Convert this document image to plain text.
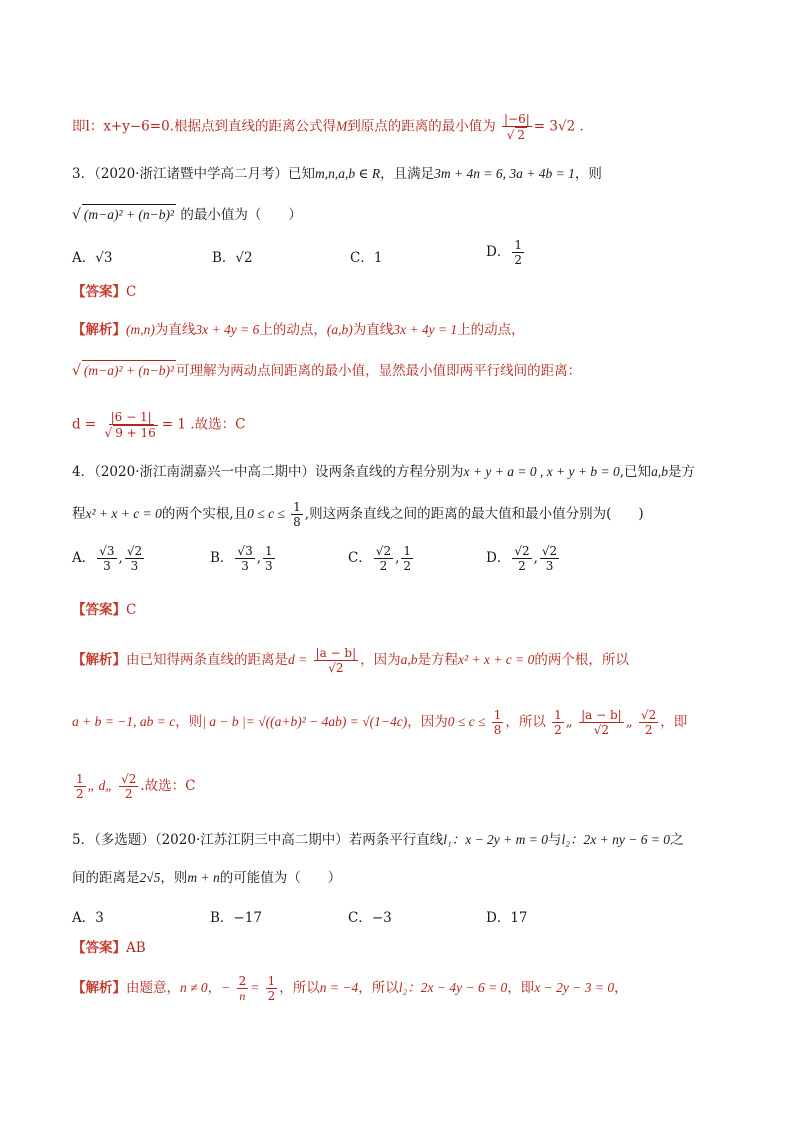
即l：x+y−6=0.根据点到直线的距离公式得M到原点的距离的最小值为 $\frac{|-6|}{√ 2} = 3√2$ .
3．（2020·浙江诸暨中学高二月考）已知m,n,a,b ∈ R，且满足3m + 4n = 6, 3a + 4b = 1，则
√ (m−a)² + (n−b)² 的最小值为（　　）
A．√3	B．√2	C．1	D． $\frac{1}{2}$
【答案】C
【解析】(m,n)为直线3x + 4y = 6上的动点，(a,b)为直线3x + 4y = 1上的动点，
√ (m−a)² + (n−b)² 可理解为两动点间距离的最小值，显然最小值即两平行线间的距离：
$d = \frac{|6 - 1|}{√ 9 + 16} = 1$ .故选：C
4．（2020·浙江南湖嘉兴一中高二期中）设两条直线的方程分别为x + y + a = 0 , x + y + b = 0,已知a,b是方
程x² + x + c = 0的两个实根,且$0 \le c \le \frac{1}{8}$ ,则这两条直线之间的距离的最大值和最小值分别为(　　)
A． $\frac{√3}{3}$ , $\frac{√2}{3}$	B． $\frac{√3}{3}$ , $\frac{1}{3}$	C． $\frac{√2}{2}$ , $\frac{1}{2}$	D． $\frac{√2}{2}$ , $\frac{√2}{3}$
【答案】C
【解析】由已知得两条直线的距离是$d = \frac{|a - b|}{√2}$ ，因为a,b是方程x² + x + c = 0的两个根，所以
a + b = −1, ab = c，则| a − b |= √((a+b)² − 4ab) = √(1−4c)，因为$0 \le c \le \frac{1}{8}$ ，所以 $\frac{1}{2}$ „ $\frac{|a - b|}{√2}$ „ $\frac{√2}{2}$ ，即
$\frac{1}{2}$ „ d„ $\frac{√2}{2}$ .故选：C
5．（多选题）（2020·江苏江阴三中高二期中）若两条平行直线l₁：x − 2y + m = 0与l₂：2x + ny − 6 = 0之
间的距离是2√5，则m + n的可能值为（　　）
A．3	B．−17	C．−3	D．17
【答案】AB
【解析】由题意，n ≠ 0，− $\frac{2}{n} = \frac{1}{2}$ ，所以n = −4，所以l₂：2x − 4y − 6 = 0，即x − 2y − 3 = 0，
